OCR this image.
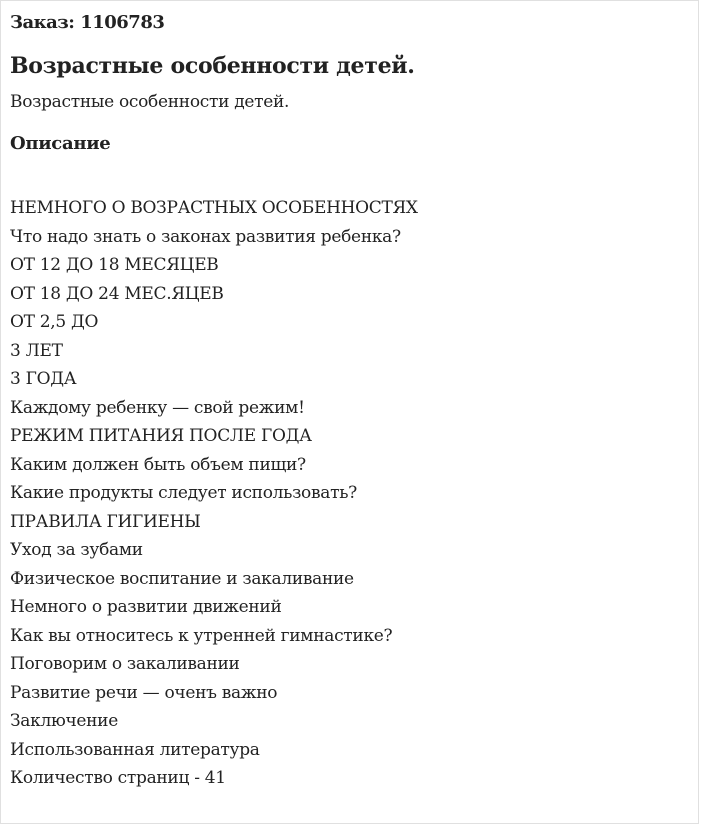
Заказ: 1106783
Возрастные особенности детей.
Возрастные особенности детей.
Описание
НЕМНОГО О ВОЗРАСТНЫХ ОСОБЕННОСТЯХ
Что надо знать о законах развития ребенка?
ОТ 12 ДО 18 МЕСЯЦЕВ
ОТ 18 ДО 24 МЕС.ЯЦЕВ
ОТ 2,5 ДО
3 ЛЕТ
3 ГОДА
Каждому ребенку — свой режим!
РЕЖИМ ПИТАНИЯ ПОСЛЕ ГОДА
Каким должен быть объем пищи?
Какие продукты следует использовать?
ПРАВИЛА ГИГИЕНЫ
Уход за зубами
Физическое воспитание и закаливание
Немного о развитии движений
Как вы относитесь к утренней гимнастике?
Поговорим о закаливании
Развитие речи — оченъ важно
Заключение
Использованная литература
Количество страниц - 41
